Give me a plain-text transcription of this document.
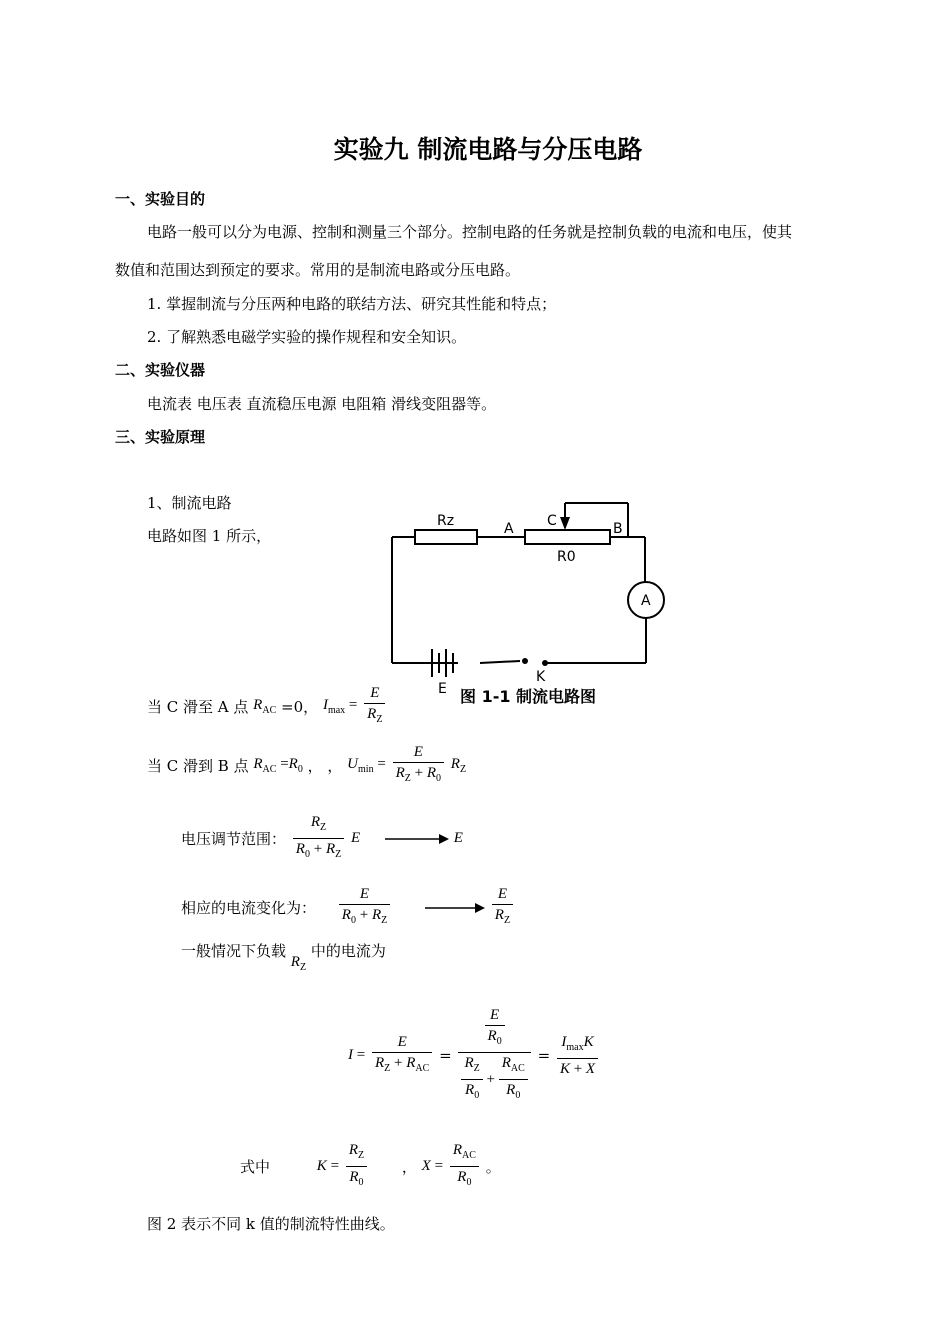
实验九 制流电路与分压电路
一、实验目的
电路一般可以分为电源、控制和测量三个部分。控制电路的任务就是控制负载的电流和电压，使其
数值和范围达到预定的要求。常用的是制流电路或分压电路。
1. 掌握制流与分压两种电路的联结方法、研究其性能和特点；
2. 了解熟悉电磁学实验的操作规程和安全知识。
二、实验仪器
电流表 电压表 直流稳压电源 电阻箱 滑线变阻器等。
三、实验原理
1、制流电路
电路如图 1 所示，
Rz	A C	B
R0
A
K
E 图 1-1 制流电路图
当 C 滑至 A 点 $R_{AC} =0$， $I_{max} = \frac{E}{R_Z}$
当 C 滑到 B 点 $R_{AC} =R_0$ ， ， $U_{min} = \frac{E}{R_Z + R_0} R_Z$
电压调节范围： $\frac{R_Z}{R_0 + R_Z}$ E	E
相应的电流变化为： $\frac{E}{R_0 + R_Z}$
	$\frac{E}{R_Z}$
一般情况下负载 $R_Z$ 中的电流为
$I = \frac{E}{R_Z + R_{AC}} = \frac{\frac{E}{R_0}}{\frac{R_Z}{R_0} + \frac{R_{AC}}{R_0}} = \frac{I_{max}K}{K + X}$
式中	$K = \frac{R_Z}{R_0}$ ， $X = \frac{R_{AC}}{R_0}$ 。
图 2 表示不同 k 值的制流特性曲线。
